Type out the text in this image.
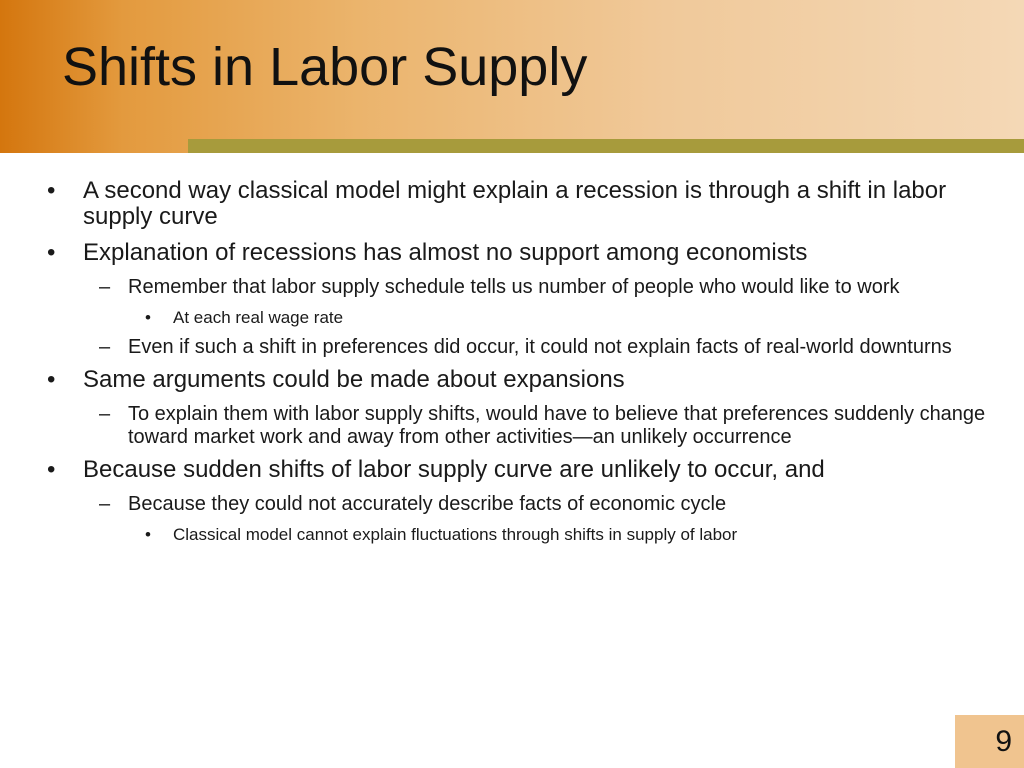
Shifts in Labor Supply
• A second way classical model might explain a recession is through a shift in labor supply curve
• Explanation of recessions has almost no support among economists
– Remember that labor supply schedule tells us number of people who would like to work
• At each real wage rate
– Even if such a shift in preferences did occur, it could not explain facts of real-world downturns
• Same arguments could be made about expansions
– To explain them with labor supply shifts, would have to believe that preferences suddenly change toward market work and away from other activities—an unlikely occurrence
• Because sudden shifts of labor supply curve are unlikely to occur, and
– Because they could not accurately describe facts of economic cycle
• Classical model cannot explain fluctuations through shifts in supply of labor
9
